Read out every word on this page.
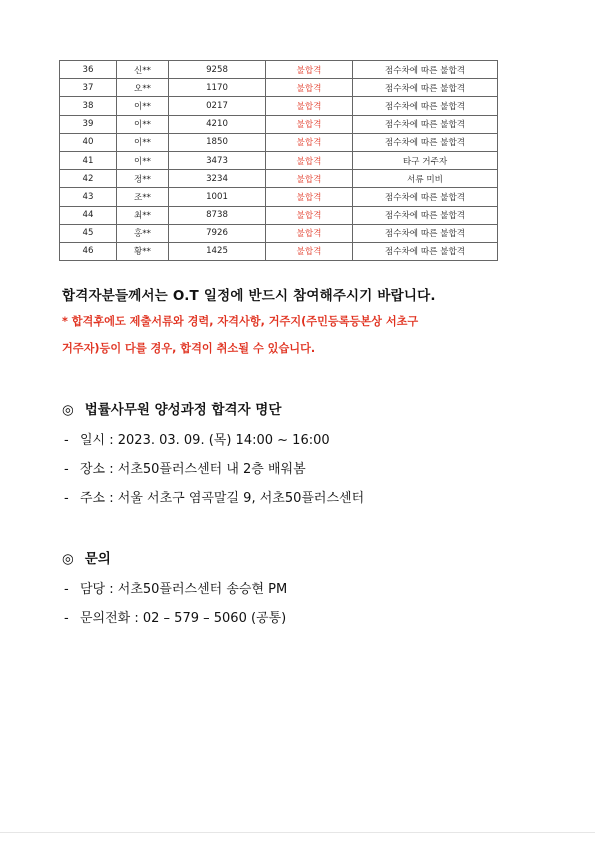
36	신**	9258	불합격	점수차에 따른 불합격
37	오**	1170	불합격	점수차에 따른 불합격
38	이**	0217	불합격	점수차에 따른 불합격
39	이**	4210	불합격	점수차에 따른 불합격
40	이**	1850	불합격	점수차에 따른 불합격
41	이**	3473	불합격	타구 거주자
42	정**	3234	불합격	서류 미비
43	조**	1001	불합격	점수차에 따른 불합격
44	최**	8738	불합격	점수차에 따른 불합격
45	홍**	7926	불합격	점수차에 따른 불합격
46	황**	1425	불합격	점수차에 따른 불합격
합격자분들께서는 O.T 일정에 반드시 참여해주시기 바랍니다.
* 합격후에도 제출서류와 경력, 자격사항, 거주지(주민등록등본상 서초구
거주자)등이 다를 경우, 합격이 취소될 수 있습니다.
◎ 법률사무원 양성과정 합격자 명단
- 일시 : 2023. 03. 09. (목) 14:00 ~ 16:00
- 장소 : 서초50플러스센터 내 2층 배워봄
- 주소 : 서울 서초구 염곡말길 9, 서초50플러스센터
◎ 문의
- 담당 : 서초50플러스센터 송승현 PM
- 문의전화 : 02 – 579 – 5060 (공통)
